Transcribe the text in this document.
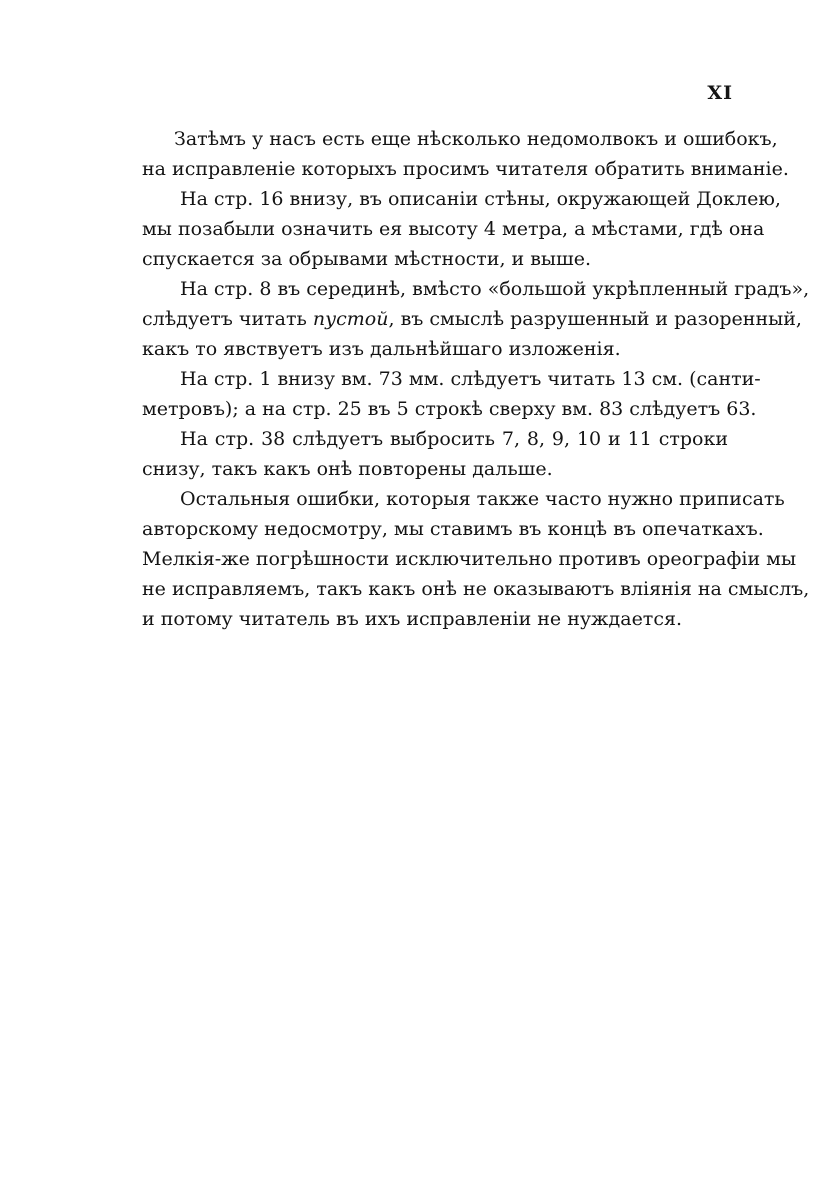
XI
Затѣмъ у насъ есть еще нѣсколько недомолвокъ и ошибокъ,
на исправленіе которыхъ просимъ читателя обратить вниманіе.
На стр. 16 внизу, въ описаніи стѣны, окружающей Доклею,
мы позабыли означить ея высоту 4 метра, а мѣстами, гдѣ она
спускается за обрывами мѣстности, и выше.
На стр. 8 въ серединѣ, вмѣсто «большой укрѣпленный градъ»,
слѣдуетъ читать пустой, въ смыслѣ разрушенный и разоренный,
какъ то явствуетъ изъ дальнѣйшаго изложенія.
На стр. 1 внизу вм. 73 мм. слѣдуетъ читать 13 см. (санти-
метровъ); а на стр. 25 въ 5 строкѣ сверху вм. 83 слѣдуетъ 63.
На стр. 38 слѣдуетъ выбросить 7, 8, 9, 10 и 11 строки
снизу, такъ какъ онѣ повторены дальше.
Остальныя ошибки, которыя также часто нужно приписать
авторскому недосмотру, мы ставимъ въ концѣ въ опечаткахъ.
Мелкія-же погрѣшности исключительно противъ ореографіи мы
не исправляемъ, такъ какъ онѣ не оказываютъ вліянія на смыслъ,
и потому читатель въ ихъ исправленіи не нуждается.
